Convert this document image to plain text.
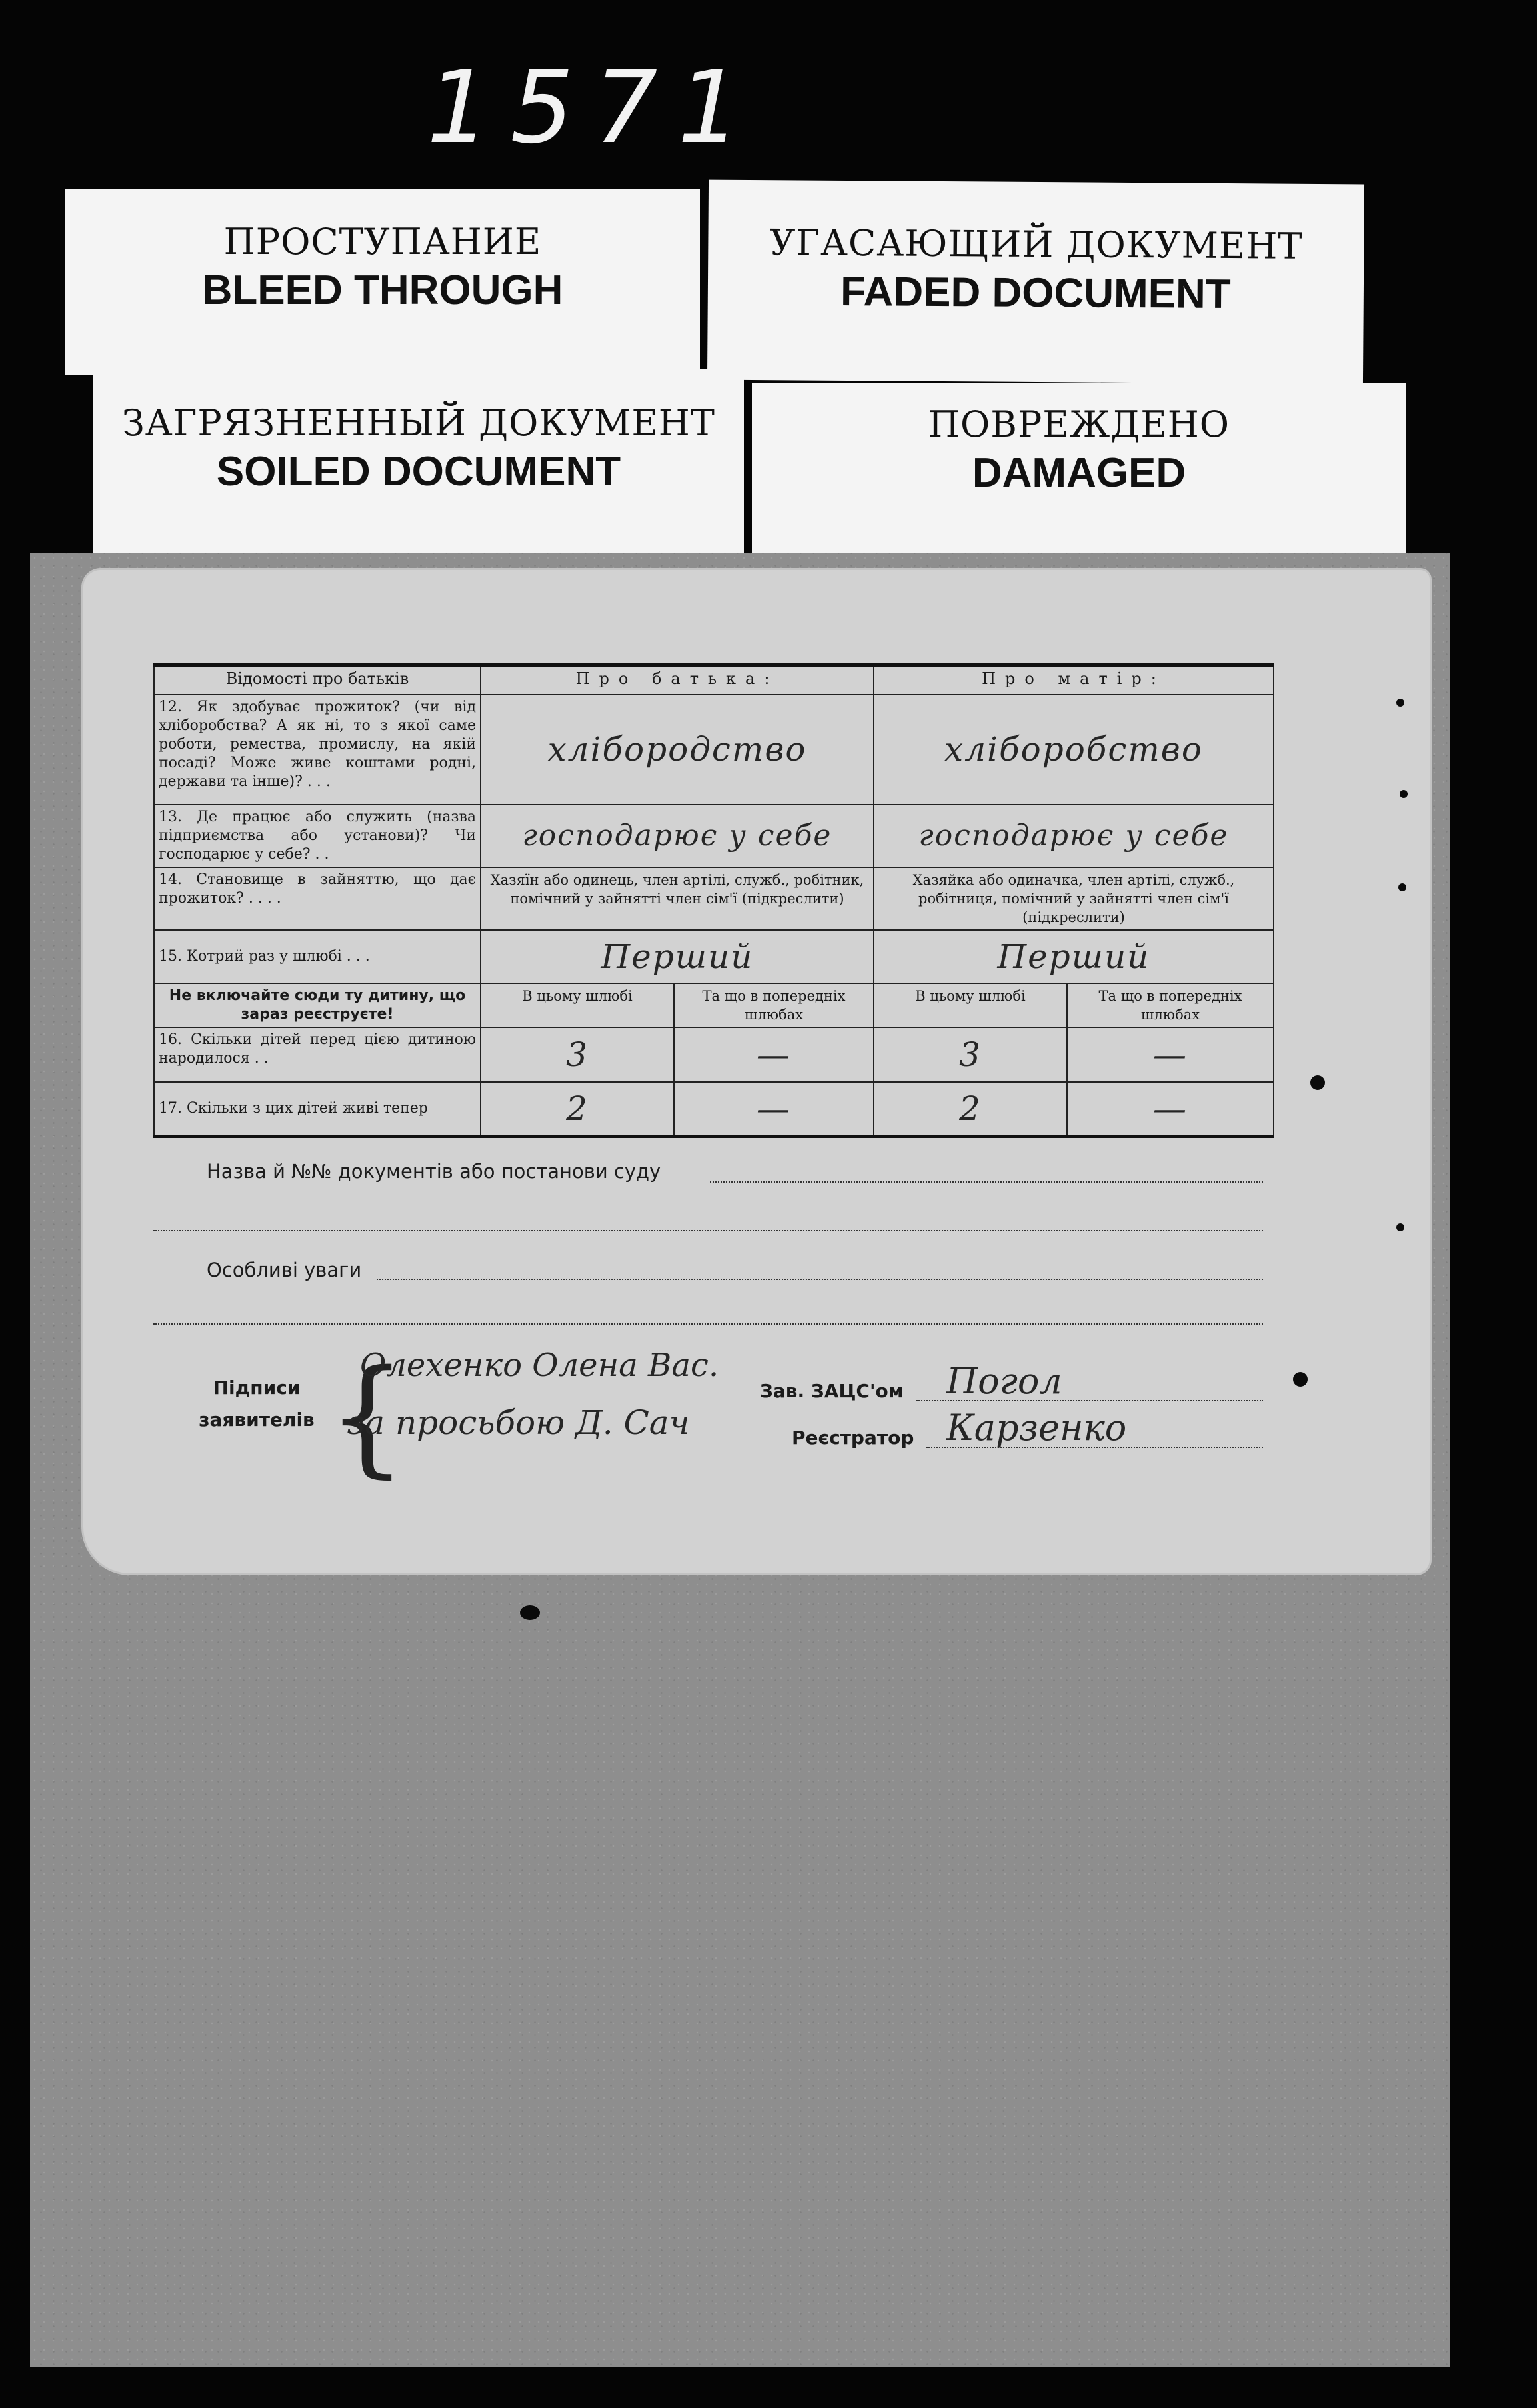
1571
ПРОСТУПАНИЕ
BLEED THROUGH
УГАСАЮЩИЙ ДОКУМЕНТ
FADED DOCUMENT
ЗАГРЯЗНЕННЫЙ ДОКУМЕНТ
SOILED DOCUMENT
ПОВРЕЖДЕНО
DAMAGED
Відомості про батьків	Про батька:		Про матір:	
12. Як здобуває прожиток? (чи від хліборобства? А як ні, то з якої саме роботи, ремества, промислу, на якій посаді? Може живе коштами родні, держави та інше)? . . .	хлібородство		хліборобство	
13. Де працює або служить (назва підприємства або установи)? Чи господарює у себе? . .	господарює у себе		господарює у себе	
14. Становище в зайняттю, що дає прожиток? . . . .	Хазяїн або одинець, член артілі, служб., робітник, помічний у зайнятті член сім'ї (підкреслити)		Хазяйка або одиначка, член артілі, служб., робітниця, помічний у зайнятті член сім'ї (підкреслити)	
15. Котрий раз у шлюбі . . .	Перший		Перший	
Не включайте сюди ту дитину, що зараз реєструєте!	В цьому шлюбі	Та що в попередніх шлюбах	В цьому шлюбі	Та що в попередніх шлюбах
16. Скільки дітей перед цією дитиною народилося . .	3	—	3	—
17. Скільки з цих дітей живі тепер	2	—	2	—
Назва й №№ документів або постанови суду
Особливі уваги
Підписи заявителів {
Олехенко Олена Вас.
за просьбою Д. Сач
Зав. ЗАЦС'ом Погол
Реєстратор Карзенко
